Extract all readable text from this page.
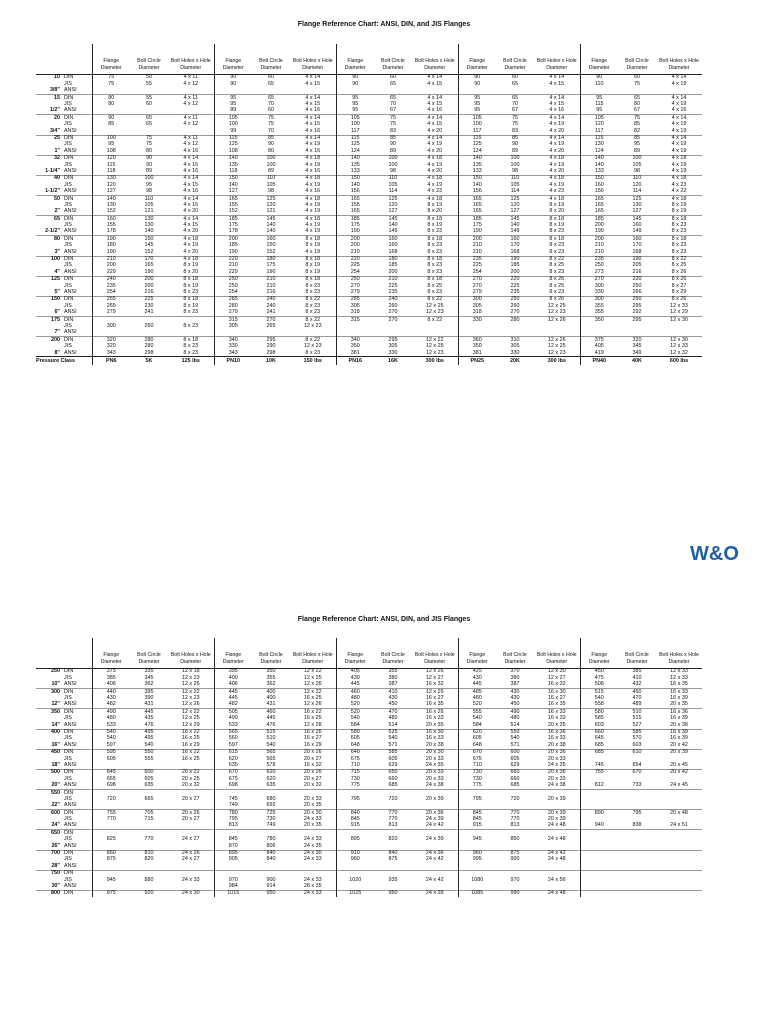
Flange Reference Chart: ANSI, DIN, and JIS Flanges
		Flange Diameter	Bolt Circle Diameter	Bolt Holes x Hole Diameter	Flange Diameter	Bolt Circle Diameter	Bolt Holes x Hole Diameter	Flange Diameter	Bolt Circle Diameter	Bolt Holes x Hole Diameter	Flange Diameter	Bolt Circle Diameter	Bolt Holes x Hole Diameter	Flange Diameter	Bolt Circle Diameter	Bolt Holes x Hole Diameter
10	DIN	75	50	4 x 11	90	60	4 x 14	90	60	4 x 14	90	60	4 x 14	90	60	4 x 14
	JIS	75	55	4 x 12	90	65	4 x 15	90	65	4 x 15	90	65	4 x 15	110	75	4 x 19
3/8"	ANSI															
15	DIN	80	55	4 x 11	95	65	4 x 14	95	65	4 x 14	95	65	4 x 14	95	65	4 x 14
	JIS	80	60	4 x 12	95	70	4 x 15	95	70	4 x 15	95	70	4 x 15	115	80	4 x 19
1/2"	ANSI				89	60	4 x 16	95	67	4 x 16	95	67	4 x 16	95	67	4 x 16
20	DIN	90	65	4 x 11	105	75	4 x 14	105	75	4 x 14	105	75	4 x 14	105	75	4 x 14
	JIS	85	65	4 x 12	100	75	4 x 15	100	75	4 x 15	100	75	4 x 19	120	85	4 x 19
3/4"	ANSI				99	70	4 x 16	117	83	4 x 20	117	83	4 x 20	117	82	4 x 19
25	DIN	100	75	4 x 11	115	85	4 x 14	115	85	4 x 14	115	85	4 x 14	115	85	4 x 14
	JIS	95	75	4 x 12	125	90	4 x 19	125	90	4 x 19	125	90	4 x 19	130	95	4 x 19
1"	ANSI	108	80	4 x 16	108	80	4 x 16	124	89	4 x 20	124	89	4 x 20	124	89	4 x 19
32	DIN	120	90	4 x 14	140	100	4 x 18	140	100	4 x 18	140	100	4 x 18	140	100	4 x 18
	JIS	115	90	4 x 15	135	100	4 x 19	135	100	4 x 19	135	100	4 x 19	140	105	4 x 19
1-1/4"	ANSI	118	89	4 x 16	118	89	4 x 16	133	98	4 x 20	133	98	4 x 20	133	98	4 x 19
40	DIN	130	100	4 x 14	150	110	4 x 18	150	110	4 x 18	150	110	4 x 18	150	110	4 x 18
	JIS	120	95	4 x 15	140	105	4 x 19	140	105	4 x 19	140	105	4 x 19	160	120	4 x 23
1-1/2"	ANSI	127	98	4 x 16	127	98	4 x 16	156	114	4 x 23	156	114	4 x 23	156	114	4 x 22
50	DIN	140	110	4 x 14	165	125	4 x 18	165	125	4 x 18	165	125	4 x 18	165	125	4 x 18
	JIS	130	105	4 x 15	155	120	4 x 19	155	120	8 x 19	165	120	8 x 19	165	130	8 x 19
2"	ANSI	152	121	4 x 20	152	121	4 x 19	165	127	8 x 20	165	127	8 x 20	165	127	8 x 19
65	DIN	160	130	4 x 14	185	145	4 x 18	185	145	8 x 18	185	145	8 x 18	185	145	8 x 18
	JIS	155	130	4 x 15	175	140	4 x 19	175	140	8 x 19	175	140	8 x 19	200	160	8 x 23
2-1/2"	ANSI	178	140	4 x 20	178	140	4 x 19	190	149	8 x 23	190	149	8 x 23	190	149	8 x 23
80	DIN	190	150	4 x 18	200	160	8 x 18	200	160	8 x 18	200	160	8 x 18	200	160	8 x 18
	JIS	180	145	4 x 19	185	150	8 x 19	200	160	8 x 23	210	170	8 x 23	210	170	8 x 23
3"	ANSI	190	152	4 x 20	190	152	4 x 19	210	168	8 x 23	210	168	8 x 23	210	168	8 x 23
100	DIN	210	170	4 x 18	220	180	8 x 18	220	180	8 x 18	235	190	8 x 22	235	190	8 x 22
	JIS	200	165	8 x 19	210	175	8 x 19	225	185	8 x 23	225	185	8 x 25	250	205	8 x 25
4"	ANSI	229	190	8 x 20	229	190	8 x 19	254	200	8 x 23	254	200	8 x 23	273	216	8 x 26
125	DIN	240	200	8 x 18	250	210	8 x 18	250	210	8 x 18	270	220	8 x 26	270	220	8 x 26
	JIS	235	200	8 x 19	250	210	8 x 23	270	225	8 x 25	270	225	8 x 25	300	250	8 x 27
5"	ANSI	254	216	8 x 23	254	216	8 x 23	279	235	8 x 23	279	235	8 x 23	330	266	8 x 29
150	DIN	265	225	8 x 18	285	240	8 x 22	285	240	8 x 22	300	250	8 x 26	300	250	8 x 26
	JIS	265	230	8 x 19	280	240	8 x 23	305	260	12 x 25	305	260	12 x 25	355	295	12 x 33
6"	ANSI	279	241	8 x 23	279	241	8 x 23	318	270	12 x 23	318	270	12 x 23	355	292	12 x 29
175	DIN				315	270	8 x 22	315	270	8 x 22	330	280	12 x 26	350	295	12 x 30
	JIS	300	260	8 x 23	305	265	12 x 23									
7"	ANSI															
200	DIN	320	280	8 x 18	340	295	8 x 22	340	295	12 x 22	360	310	12 x 26	375	320	12 x 30
	JIS	320	280	8 x 23	330	290	12 x 23	350	305	12 x 25	350	305	12 x 25	405	345	12 x 33
8"	ANSI	343	298	8 x 23	343	298	8 x 23	381	330	12 x 23	381	330	12 x 23	419	349	12 x 32
Pressure Class		PN6	5K	125 lbs	PN10	10K	150 lbs	PN16	16K	300 lbs	PN25	20K	300 lbs	PN40	40K	600 lbs
W&O
Flange Reference Chart: ANSI, DIN, and JIS Flanges
		Flange Diameter	Bolt Circle Diameter	Bolt Holes x Hole Diameter	Flange Diameter	Bolt Circle Diameter	Bolt Holes x Hole Diameter	Flange Diameter	Bolt Circle Diameter	Bolt Holes x Hole Diameter	Flange Diameter	Bolt Circle Diameter	Bolt Holes x Hole Diameter	Flange Diameter	Bolt Circle Diameter	Bolt Holes x Hole Diameter
250	DIN	375	335	12 x 18	395	350	12 x 22	405	355	12 x 26	425	370	12 x 30	450	385	12 x 33
	JIS	385	345	12 x 23	400	355	12 x 25	430	380	12 x 27	430	380	12 x 27	475	410	12 x 33
10"	ANSI	406	362	12 x 26	406	362	12 x 26	445	387	16 x 32	445	387	16 x 32	508	432	16 x 35
300	DIN	440	395	12 x 22	445	400	12 x 22	460	410	12 x 26	485	430	16 x 30	515	450	16 x 33
	JIS	430	390	12 x 23	445	400	16 x 25	480	430	16 x 27	480	430	16 x 27	540	470	16 x 39
12"	ANSI	482	431	12 x 26	482	431	12 x 26	520	450	16 x 35	520	450	16 x 35	558	489	20 x 35
350	DIN	490	445	12 x 22	505	460	16 x 22	520	470	16 x 26	555	490	16 x 33	580	510	16 x 36
	JIS	480	435	12 x 25	490	445	16 x 25	540	480	16 x 33	540	480	16 x 33	585	515	16 x 39
14"	ANSI	533	476	12 x 29	533	476	12 x 28	584	514	20 x 35	584	514	20 x 35	603	527	20 x 38
400	DIN	540	495	16 x 22	565	515	16 x 26	580	525	16 x 30	620	550	16 x 36	660	585	16 x 39
	JIS	540	495	16 x 25	560	510	16 x 27	605	540	16 x 33	605	540	16 x 33	645	570	16 x 39
16"	ANSI	597	540	16 x 29	597	540	16 x 29	648	571	20 x 38	648	571	20 x 38	685	603	20 x 42
450	DIN	595	550	16 x 22	615	565	20 x 26	640	585	20 x 30	670	600	20 x 36	685	610	20 x 39
	JIS	605	555	16 x 25	620	565	20 x 27	675	605	20 x 33	675	605	20 x 33			
18"	ANSI				635	578	16 x 32	710	629	24 x 35	710	629	24 x 35	745	654	20 x 45
500	DIN	645	600	20 x 22	670	620	20 x 26	715	650	20 x 33	730	660	20 x 36	755	670	20 x 42
	JIS	655	605	20 x 25	675	620	20 x 27	730	660	20 x 33	730	660	20 x 33			
20"	ANSI	698	635	20 x 32	698	635	20 x 32	775	685	24 x 38	775	685	24 x 38	812	733	24 x 45
550	DIN															
	JIS	720	665	20 x 27	745	680	20 x 33	795	720	20 x 39	795	720	20 x 39			
22"	ANSI				749	692	20 x 35									
600	DIN	755	705	20 x 26	780	725	20 x 30	840	770	20 x 36	845	770	20 x 39	890	795	20 x 48
	JIS	770	715	20 x 27	795	730	24 x 33	845	770	24 x 39	845	770	20 x 39			
24"	ANSI				813	749	20 x 35	915	813	24 x 42	915	813	24 x 48	940	838	24 x 51
650	DIN															
	JIS	825	770	24 x 27	845	780	24 x 33	895	820	24 x 39	945	850	24 x 48			
26"	ANSI				870	806	24 x 35									
700	DIN	860	810	24 x 26	895	840	24 x 30	910	840	24 x 36	960	875	24 x 42			
	JIS	875	820	24 x 27	905	840	24 x 33	960	875	24 x 42	995	900	24 x 48			
28"	ANSI															
750	DIN															
	JIS	945	880	24 x 33	970	900	24 x 33	1020	935	24 x 42	1080	970	24 x 56			
30"	ANSI				984	914	28 x 35									
800	DIN	975	920	24 x 30	1015	950	24 x 33	1025	950	24 x 39	1085	990	24 x 48			
